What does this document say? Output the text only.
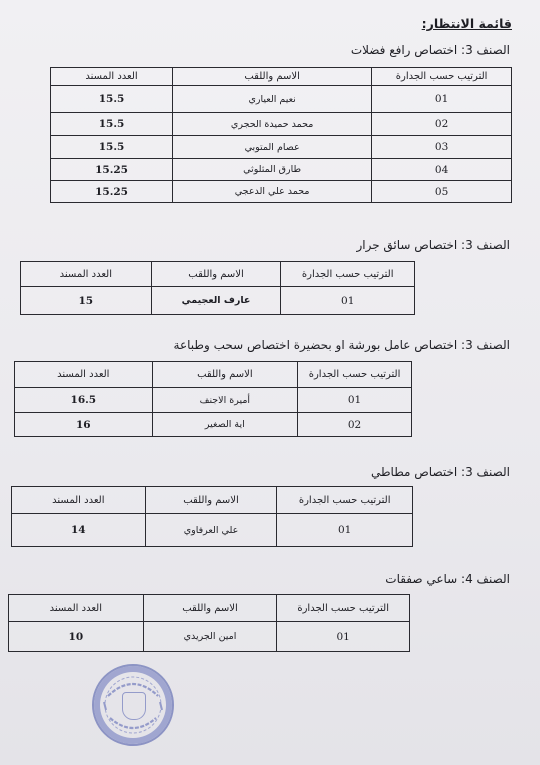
قائمة الانتظار:
الصنف 3: اختصاص رافع فضلات
الترتيب حسب الجدارة	الاسم واللقب	العدد المسند
01	نعيم العياري	15.5
02	محمد حميدة الحجري	15.5
03	عصام المتوبي	15.5
04	طارق المثلوثي	15.25
05	محمد علي الدعجي	15.25
الصنف 3: اختصاص سائق جرار
الترتيب حسب الجدارة	الاسم واللقب	العدد المسند
01	عارف العجيمي	15
الصنف 3: اختصاص عامل بورشة او بحضيرة اختصاص سحب وطباعة
الترتيب حسب الجدارة	الاسم واللقب	العدد المسند
01	أميرة الاجنف	16.5
02	اية الصغير	16
الصنف 3: اختصاص مطاطي
الترتيب حسب الجدارة	الاسم واللقب	العدد المسند
01	علي العرفاوي	14
الصنف 4: ساعي صفقات
الترتيب حسب الجدارة	الاسم واللقب	العدد المسند
01	امين الجريدي	10
